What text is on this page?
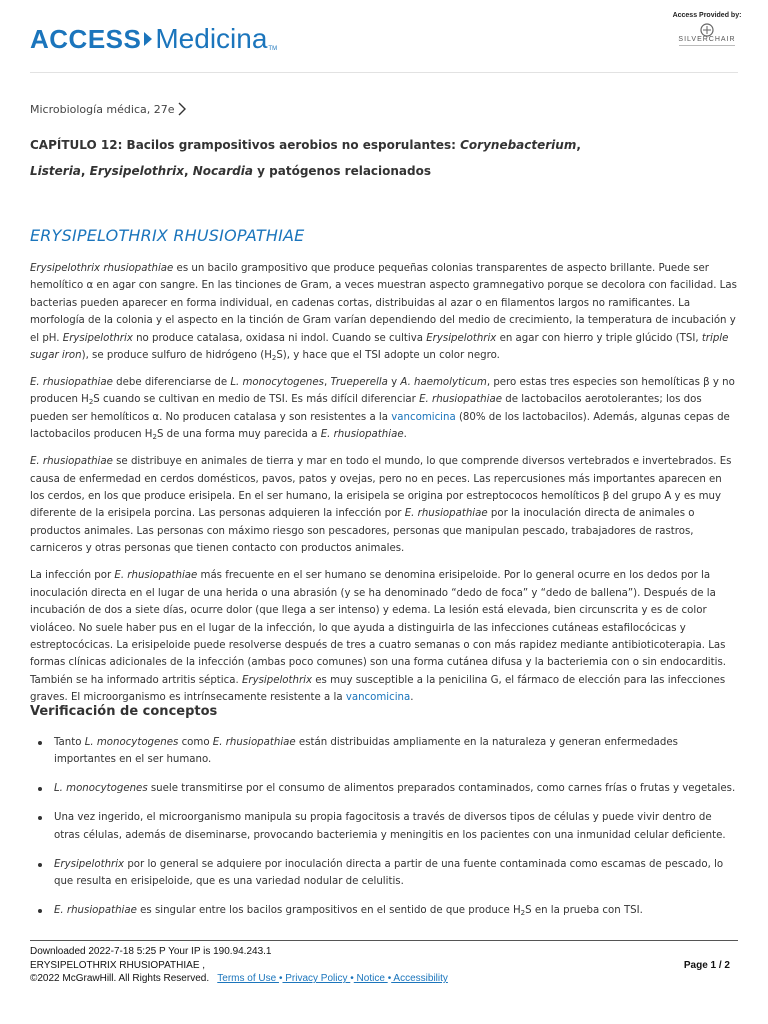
ACCESS Medicina TM
Access Provided by:
SILVERCHAIR
Microbiología médica, 27e
CAPÍTULO 12: Bacilos grampositivos aerobios no esporulantes: Corynebacterium,
Listeria, Erysipelothrix, Nocardia y patógenos relacionados
ERYSIPELOTHRIX RHUSIOPATHIAE

Erysipelothrix rhusiopathiae es un bacilo grampositivo que produce pequeñas colonias transparentes de aspecto brillante. Puede ser hemolítico α en agar con sangre. En las tinciones de Gram, a veces muestran aspecto gramnegativo porque se decolora con facilidad. Las bacterias pueden aparecer en forma individual, en cadenas cortas, distribuidas al azar o en filamentos largos no ramificantes. La morfología de la colonia y el aspecto en la tinción de Gram varían dependiendo del medio de crecimiento, la temperatura de incubación y el pH. Erysipelothrix no produce catalasa, oxidasa ni indol. Cuando se cultiva Erysipelothrix en agar con hierro y triple glúcido (TSI, triple sugar iron), se produce sulfuro de hidrógeno $(H_2S)$, y hace que el TSI adopte un color negro.

E. rhusiopathiae debe diferenciarse de L. monocytogenes, Trueperella y A. haemolyticum, pero estas tres especies son hemolíticas β y no producen $H_2S$ cuando se cultivan en medio de TSI. Es más difícil diferenciar E. rhusiopathiae de lactobacilos aerotolerantes; los dos pueden ser hemolíticos α. No producen catalasa y son resistentes a la vancomicina (80% de los lactobacilos). Además, algunas cepas de lactobacilos producen $H_2S$ de una forma muy parecida a E. rhusiopathiae.

E. rhusiopathiae se distribuye en animales de tierra y mar en todo el mundo, lo que comprende diversos vertebrados e invertebrados. Es causa de enfermedad en cerdos domésticos, pavos, patos y ovejas, pero no en peces. Las repercusiones más importantes aparecen en los cerdos, en los que produce erisipela. En el ser humano, la erisipela se origina por estreptococos hemolíticos β del grupo A y es muy diferente de la erisipela porcina. Las personas adquieren la infección por E. rhusiopathiae por la inoculación directa de animales o productos animales. Las personas con máximo riesgo son pescadores, personas que manipulan pescado, trabajadores de rastros, carniceros y otras personas que tienen contacto con productos animales.

La infección por E. rhusiopathiae más frecuente en el ser humano se denomina erisipeloide. Por lo general ocurre en los dedos por la inoculación directa en el lugar de una herida o una abrasión (y se ha denominado “dedo de foca” y “dedo de ballena”). Después de la incubación de dos a siete días, ocurre dolor (que llega a ser intenso) y edema. La lesión está elevada, bien circunscrita y es de color violáceo. No suele haber pus en el lugar de la infección, lo que ayuda a distinguirla de las infecciones cutáneas estafilocócicas y estreptocócicas. La erisipeloide puede resolverse después de tres a cuatro semanas o con más rapidez mediante antibioticoterapia. Las formas clínicas adicionales de la infección (ambas poco comunes) son una forma cutánea difusa y la bacteriemia con o sin endocarditis. También se ha informado artritis séptica. Erysipelothrix es muy susceptible a la penicilina G, el fármaco de elección para las infecciones graves. El microorganismo es intrínsecamente resistente a la vancomicina.

Verificación de conceptos
Tanto L. monocytogenes como E. rhusiopathiae están distribuidas ampliamente en la naturaleza y generan enfermedades importantes en el ser humano.
L. monocytogenes suele transmitirse por el consumo de alimentos preparados contaminados, como carnes frías o frutas y vegetales.
Una vez ingerido, el microorganismo manipula su propia fagocitosis a través de diversos tipos de células y puede vivir dentro de otras células, además de diseminarse, provocando bacteriemia y meningitis en los pacientes con una inmunidad celular deficiente.
Erysipelothrix por lo general se adquiere por inoculación directa a partir de una fuente contaminada como escamas de pescado, lo que resulta en erisipeloide, que es una variedad nodular de celulitis.
E. rhusiopathiae es singular entre los bacilos grampositivos en el sentido de que produce $H_2S$ en la prueba con TSI.
Downloaded 2022-7-18 5:25 P Your IP is 190.94.243.1
ERYSIPELOTHRIX RHUSIOPATHIAE ,
©2022 McGrawHill. All Rights Reserved. Terms of Use • Privacy Policy • Notice • Accessibility
Page 1 / 2
